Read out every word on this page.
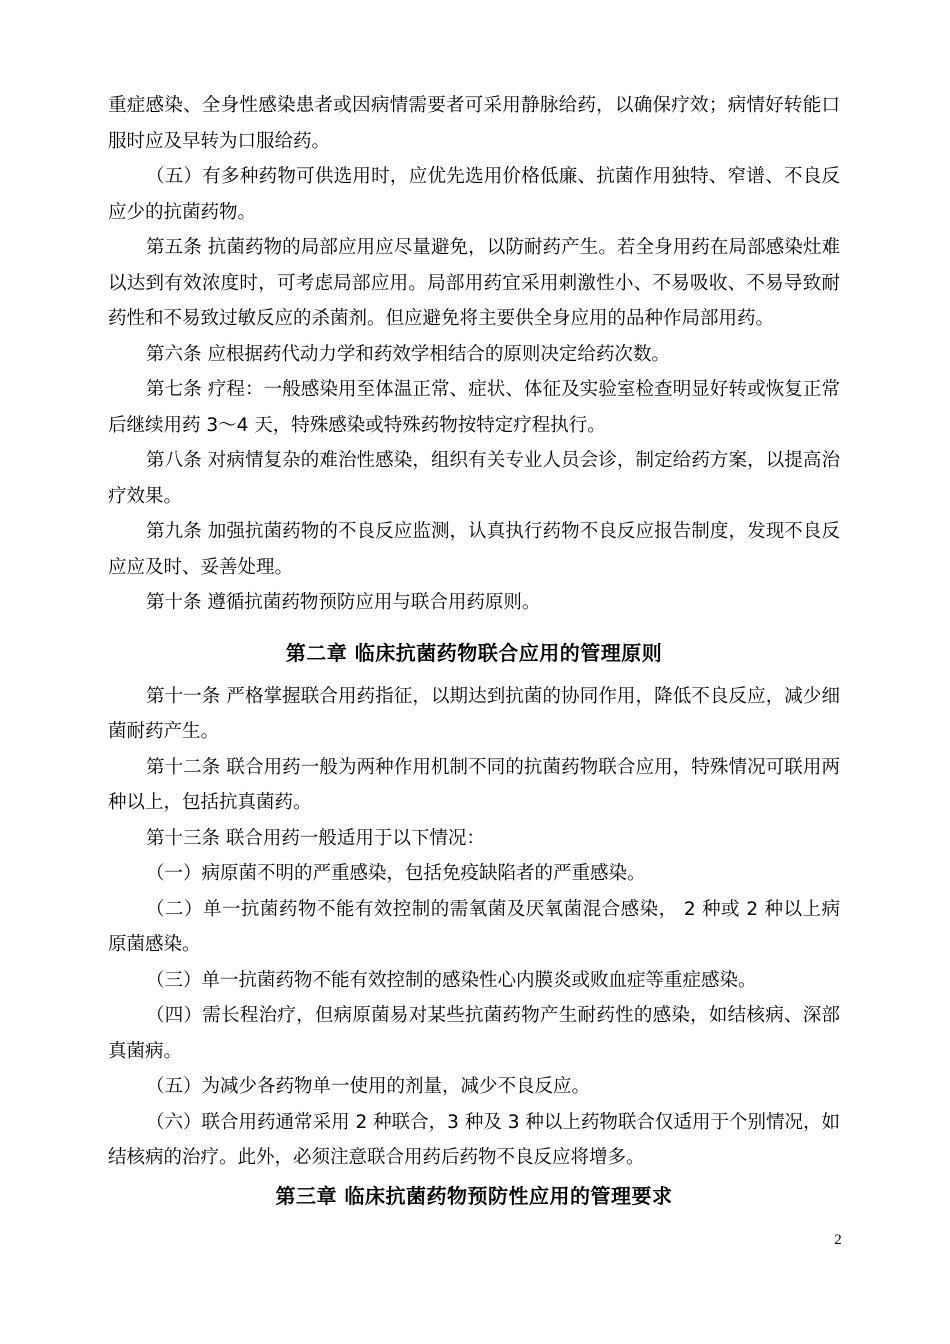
重症感染、全身性感染患者或因病情需要者可采用静脉给药，以确保疗效；病情好转能口服时应及早转为口服给药。

（五）有多种药物可供选用时，应优先选用价格低廉、抗菌作用独特、窄谱、不良反应少的抗菌药物。

第五条 抗菌药物的局部应用应尽量避免，以防耐药产生。若全身用药在局部感染灶难以达到有效浓度时，可考虑局部应用。局部用药宜采用刺激性小、不易吸收、不易导致耐药性和不易致过敏反应的杀菌剂。但应避免将主要供全身应用的品种作局部用药。

第六条 应根据药代动力学和药效学相结合的原则决定给药次数。

第七条 疗程：一般感染用至体温正常、症状、体征及实验室检查明显好转或恢复正常后继续用药 3～4 天，特殊感染或特殊药物按特定疗程执行。

第八条 对病情复杂的难治性感染，组织有关专业人员会诊，制定给药方案，以提高治疗效果。

第九条 加强抗菌药物的不良反应监测，认真执行药物不良反应报告制度，发现不良反应应及时、妥善处理。

第十条 遵循抗菌药物预防应用与联合用药原则。

第二章 临床抗菌药物联合应用的管理原则

第十一条 严格掌握联合用药指征，以期达到抗菌的协同作用，降低不良反应，减少细菌耐药产生。

第十二条 联合用药一般为两种作用机制不同的抗菌药物联合应用，特殊情况可联用两种以上，包括抗真菌药。

第十三条 联合用药一般适用于以下情况：

（一）病原菌不明的严重感染，包括免疫缺陷者的严重感染。

（二）单一抗菌药物不能有效控制的需氧菌及厌氧菌混合感染， 2 种或 2 种以上病原菌感染。

（三）单一抗菌药物不能有效控制的感染性心内膜炎或败血症等重症感染。

（四）需长程治疗，但病原菌易对某些抗菌药物产生耐药性的感染，如结核病、深部真菌病。

（五）为减少各药物单一使用的剂量，减少不良反应。

（六）联合用药通常采用 2 种联合，3 种及 3 种以上药物联合仅适用于个别情况，如结核病的治疗。此外，必须注意联合用药后药物不良反应将增多。

第三章 临床抗菌药物预防性应用的管理要求
2
